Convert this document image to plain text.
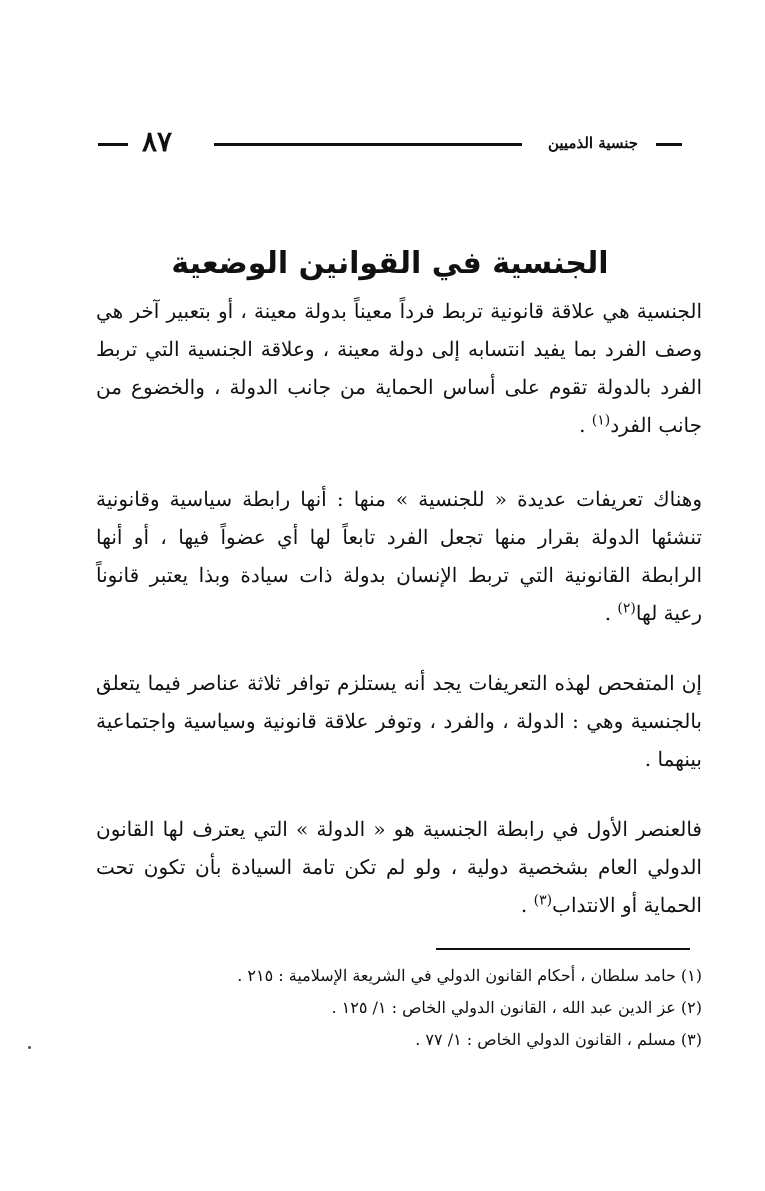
٨٧	جنسية الذميين
الجنسية في القوانين الوضعية

الجنسية هي علاقة قانونية تربط فرداً معيناً بدولة معينة ، أو بتعبير آخر هي وصف الفرد بما يفيد انتسابه إلى دولة معينة ، وعلاقة الجنسية التي تربط الفرد بالدولة تقوم على أساس الحماية من جانب الدولة ، والخضوع من جانب الفرد$^{(١)}$ .

وهناك تعريفات عديدة « للجنسية » منها : أنها رابطة سياسية وقانونية تنشئها الدولة بقرار منها تجعل الفرد تابعاً لها أي عضواً فيها ، أو أنها الرابطة القانونية التي تربط الإنسان بدولة ذات سيادة وبذا يعتبر قانوناً رعية لها$^{(٢)}$ .

إن المتفحص لهذه التعريفات يجد أنه يستلزم توافر ثلاثة عناصر فيما يتعلق بالجنسية وهي : الدولة ، والفرد ، وتوفر علاقة قانونية وسياسية واجتماعية بينهما .

فالعنصر الأول في رابطة الجنسية هو « الدولة » التي يعترف لها القانون الدولي العام بشخصية دولية ، ولو لم تكن تامة السيادة بأن تكون تحت الحماية أو الانتداب$^{(٣)}$ .

(١) حامد سلطان ، أحكام القانون الدولي في الشريعة الإسلامية : ٢١٥ .

(٢) عز الدين عبد الله ، القانون الدولي الخاص : ١/ ١٢٥ .

(٣) مسلم ، القانون الدولي الخاص : ١/ ٧٧ .
